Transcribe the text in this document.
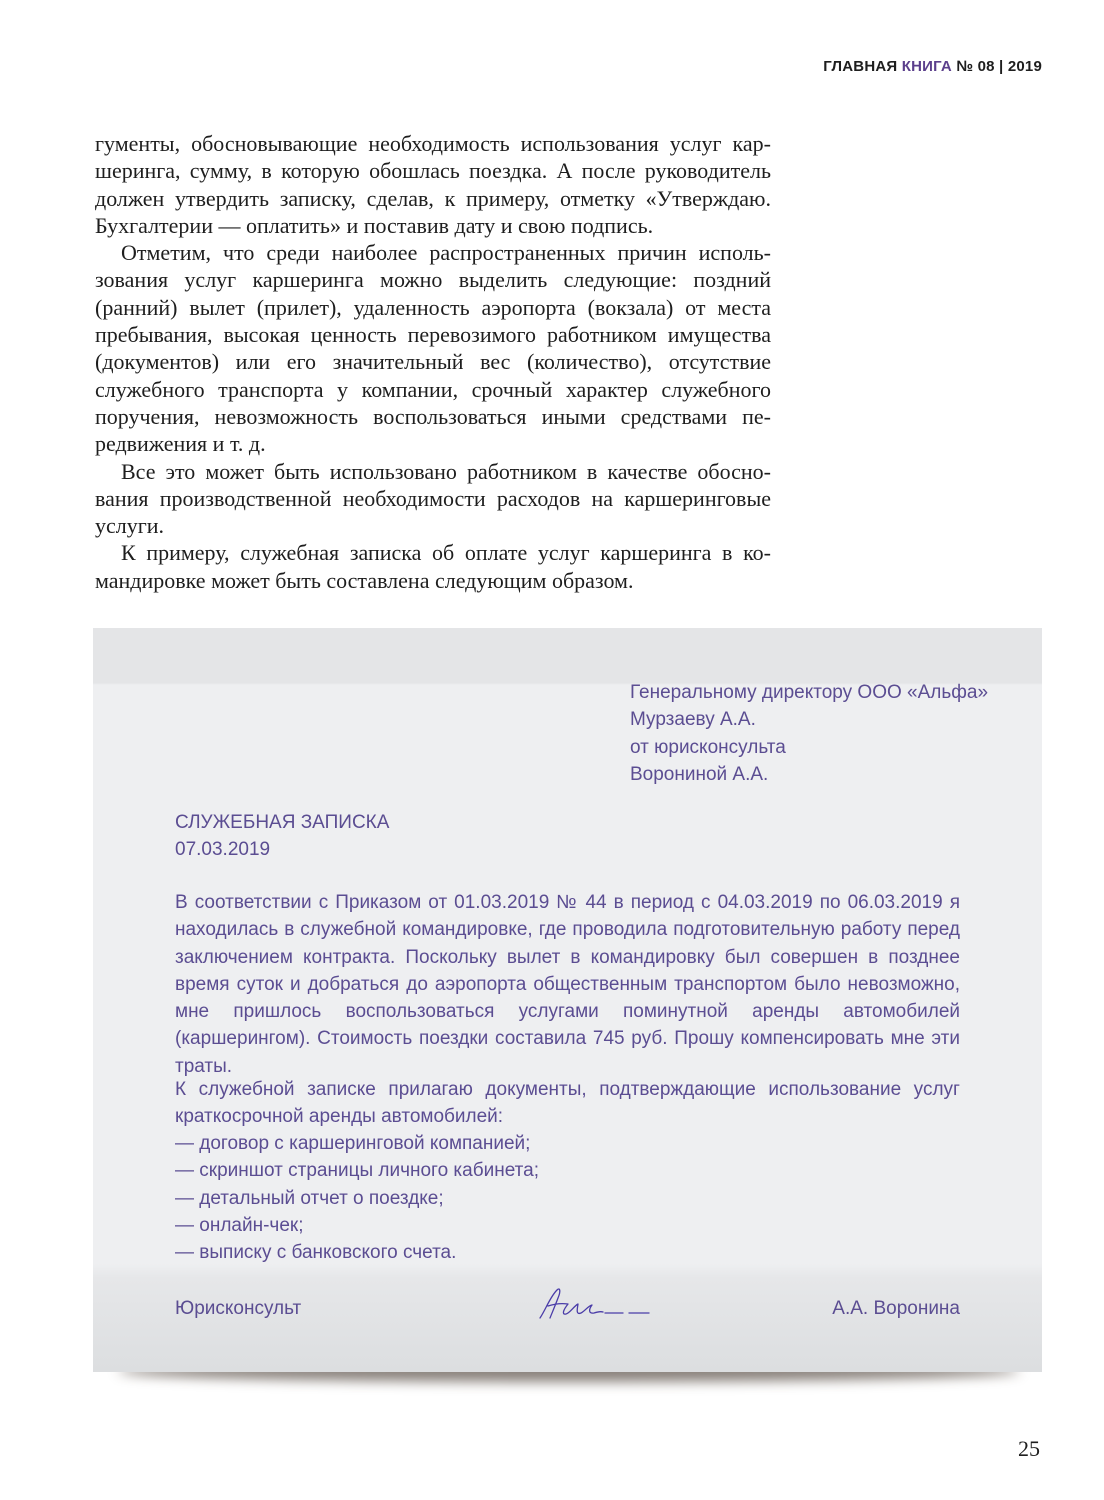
ГЛАВНАЯ КНИГА № 08 | 2019

гументы, обосновывающие необходимость использования услуг каршеринга, сумму, в которую обошлась поездка. А после руководитель должен утвердить записку, сделав, к примеру, отметку «Утверждаю. Бухгалтерии — оплатить» и поставив дату и свою подпись.

Отметим, что среди наиболее распространенных причин использования услуг каршеринга можно выделить следующие: поздний (ранний) вылет (прилет), удаленность аэропорта (вокзала) от места пребывания, высокая ценность перевозимого работником имущества (документов) или его значительный вес (количество), отсутствие служебного транспорта у компании, срочный характер служебного поручения, невозможность воспользоваться иными средствами передвижения и т. д.

Все это может быть использовано работником в качестве обоснования производственной необходимости расходов на каршеринговые услуги.

К примеру, служебная записка об оплате услуг каршеринга в командировке может быть составлена следующим образом.

Генеральному директору ООО «Альфа»
Мурзаеву А.А.
от юрисконсульта
Ворониной А.А.
СЛУЖЕБНАЯ ЗАПИСКА
07.03.2019

В соответствии с Приказом от 01.03.2019 № 44 в период с 04.03.2019 по 06.03.2019 я находилась в служебной командировке, где проводила подготовительную работу перед заключением контракта. Поскольку вылет в командировку был совершен в позднее время суток и добраться до аэропорта общественным транспортом было невозможно, мне пришлось воспользоваться услугами поминутной аренды автомобилей (каршерингом). Стоимость поездки составила 745 руб. Прошу компенсировать мне эти траты.

К служебной записке прилагаю документы, подтверждающие использование услуг краткосрочной аренды автомобилей:

— договор с каршеринговой компанией;
— скриншот страницы личного кабинета;
— детальный отчет о поездке;
— онлайн-чек;
— выписку с банковского счета.
Юрисконсульт	А.А. Воронина
25
